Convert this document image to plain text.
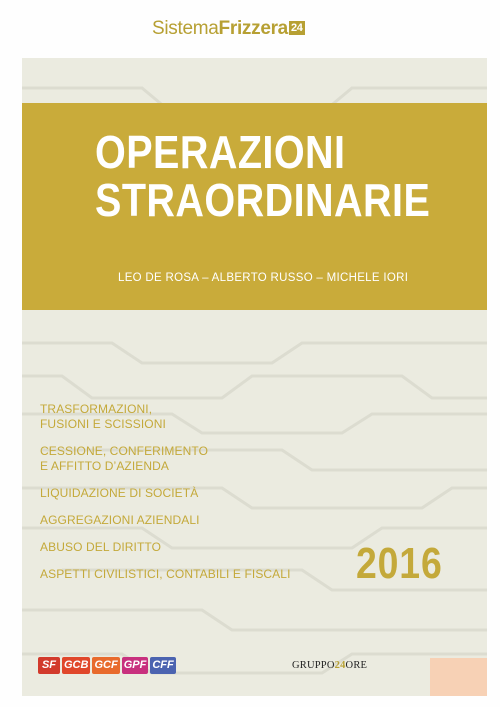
SistemaFrizzera 24
OPERAZIONI
STRAORDINARIE
LEO DE ROSA – ALBERTO RUSSO – MICHELE IORI
TRASFORMAZIONI,
FUSIONI E SCISSIONI
CESSIONE, CONFERIMENTO
E AFFITTO D’AZIENDA
LIQUIDAZIONE DI SOCIETÀ
AGGREGAZIONI AZIENDALI
ABUSO DEL DIRITTO
ASPETTI CIVILISTICI, CONTABILI E FISCALI	2016
SF GCB GCF GPF CFF	GRUPPO24ORE
